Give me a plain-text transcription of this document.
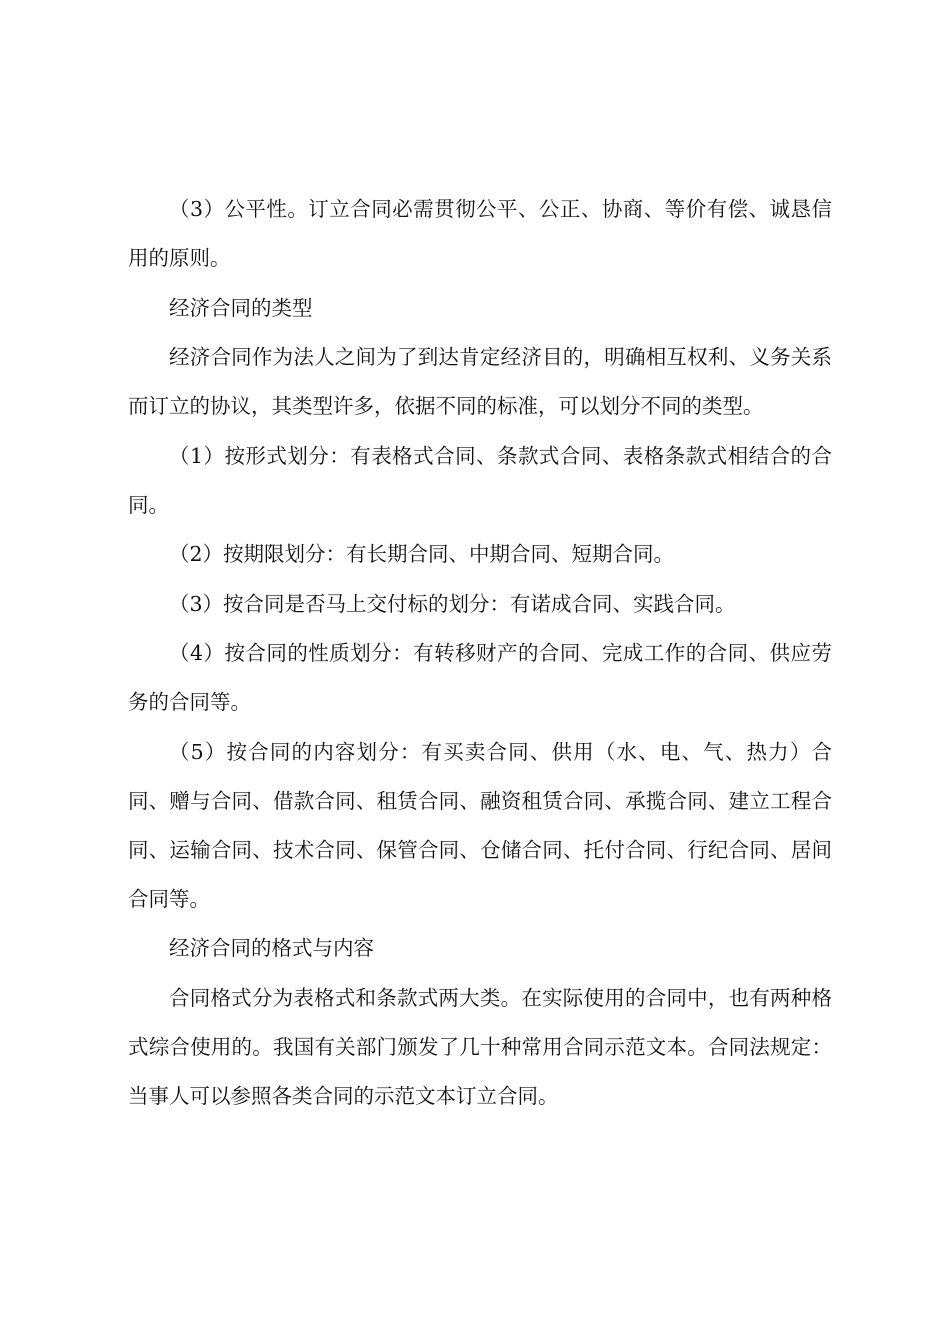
（3）公平性。订立合同必需贯彻公平、公正、协商、等价有偿、诚恳信用的原则。

经济合同的类型

经济合同作为法人之间为了到达肯定经济目的，明确相互权利、义务关系而订立的协议，其类型许多，依据不同的标准，可以划分不同的类型。

（1）按形式划分：有表格式合同、条款式合同、表格条款式相结合的合同。

（2）按期限划分：有长期合同、中期合同、短期合同。

（3）按合同是否马上交付标的划分：有诺成合同、实践合同。

（4）按合同的性质划分：有转移财产的合同、完成工作的合同、供应劳务的合同等。

（5）按合同的内容划分：有买卖合同、供用（水、电、气、热力）合同、赠与合同、借款合同、租赁合同、融资租赁合同、承揽合同、建立工程合同、运输合同、技术合同、保管合同、仓储合同、托付合同、行纪合同、居间合同等。

经济合同的格式与内容

合同格式分为表格式和条款式两大类。在实际使用的合同中，也有两种格式综合使用的。我国有关部门颁发了几十种常用合同示范文本。合同法规定：当事人可以参照各类合同的示范文本订立合同。
